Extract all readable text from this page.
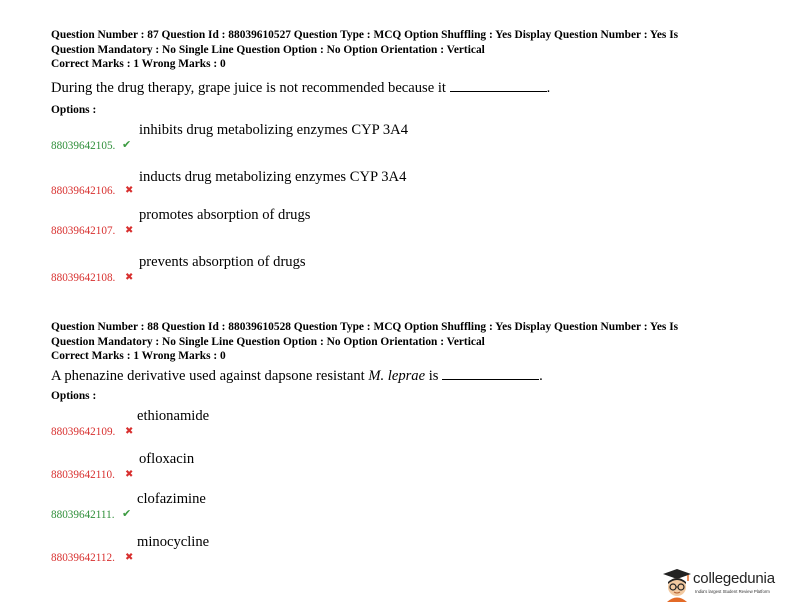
Question Number : 87 Question Id : 88039610527 Question Type : MCQ Option Shuffling : Yes Display Question Number : Yes Is

Question Mandatory : No Single Line Question Option : No Option Orientation : Vertical

Correct Marks : 1 Wrong Marks : 0

During the drug therapy, grape juice is not recommended because it	.
Options :
88039642105. ✔
inhibits drug metabolizing enzymes CYP 3A4
88039642106. ✖
inducts drug metabolizing enzymes CYP 3A4
88039642107. ✖
promotes absorption of drugs
88039642108. ✖
prevents absorption of drugs

Question Number : 88 Question Id : 88039610528 Question Type : MCQ Option Shuffling : Yes Display Question Number : Yes Is

Question Mandatory : No Single Line Question Option : No Option Orientation : Vertical

Correct Marks : 1 Wrong Marks : 0

A phenazine derivative used against dapsone resistant M. leprae is	.
Options :
88039642109. ✖
ethionamide
88039642110. ✖
ofloxacin
88039642111. ✔
clofazimine
88039642112. ✖
minocycline
collegedunia
India's largest Student Review Platform
